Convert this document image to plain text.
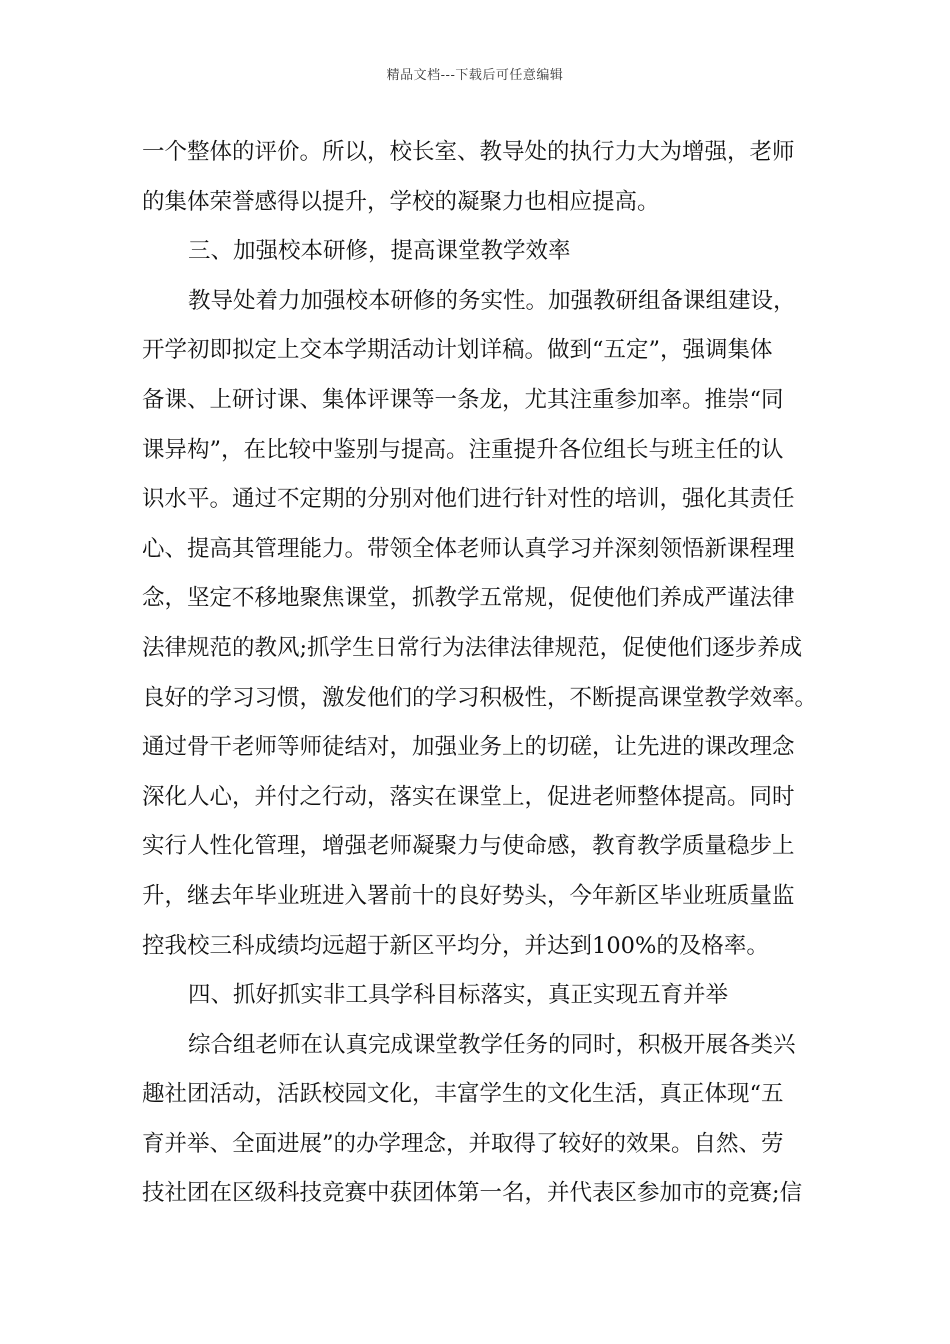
精品文档---下载后可任意编辑
一个整体的评价。所以，校长室、教导处的执行力大为增强，老师
的集体荣誉感得以提升，学校的凝聚力也相应提高。
三、加强校本研修，提高课堂教学效率
教导处着力加强校本研修的务实性。加强教研组备课组建设，
开学初即拟定上交本学期活动计划详稿。做到“五定”，强调集体
备课、上研讨课、集体评课等一条龙，尤其注重参加率。推崇“同
课异构”，在比较中鉴别与提高。注重提升各位组长与班主任的认
识水平。通过不定期的分别对他们进行针对性的培训，强化其责任
心、提高其管理能力。带领全体老师认真学习并深刻领悟新课程理
念，坚定不移地聚焦课堂，抓教学五常规，促使他们养成严谨法律
法律规范的教风;抓学生日常行为法律法律规范，促使他们逐步养成
良好的学习习惯，激发他们的学习积极性，不断提高课堂教学效率。
通过骨干老师等师徒结对，加强业务上的切磋，让先进的课改理念
深化人心，并付之行动，落实在课堂上，促进老师整体提高。同时
实行人性化管理，增强老师凝聚力与使命感，教育教学质量稳步上
升，继去年毕业班进入署前十的良好势头，今年新区毕业班质量监
控我校三科成绩均远超于新区平均分，并达到100%的及格率。
四、抓好抓实非工具学科目标落实，真正实现五育并举
综合组老师在认真完成课堂教学任务的同时，积极开展各类兴
趣社团活动，活跃校园文化，丰富学生的文化生活，真正体现“五
育并举、全面进展”的办学理念，并取得了较好的效果。自然、劳
技社团在区级科技竞赛中获团体第一名，并代表区参加市的竞赛;信
